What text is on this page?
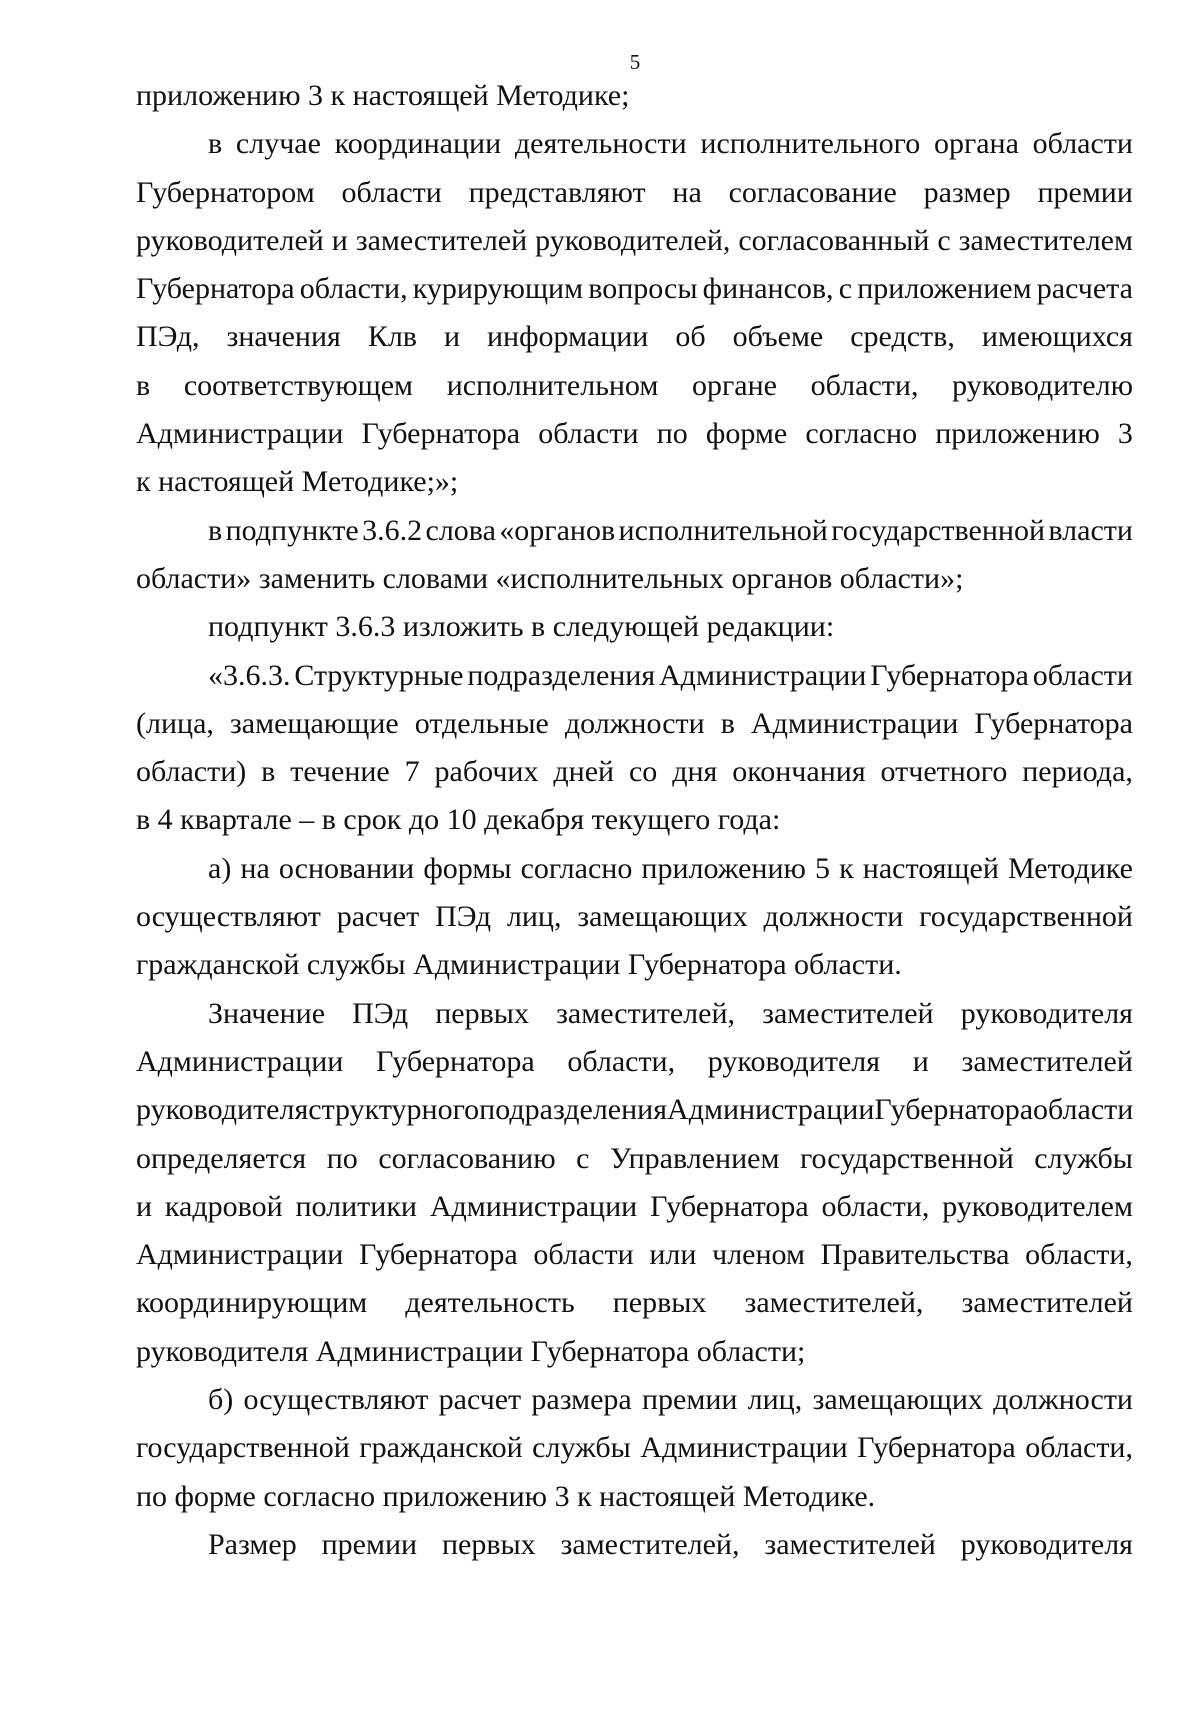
5
приложению 3 к настоящей Методике;
в случае координации деятельности исполнительного органа области
Губернатором области представляют на согласование размер премии
руководителей и заместителей руководителей, согласованный с заместителем
Губернатора области, курирующим вопросы финансов, с приложением расчета
ПЭд, значения Клв и информации об объеме средств, имеющихся
в соответствующем исполнительном органе области, руководителю
Администрации Губернатора области по форме согласно приложению 3
к настоящей Методике;»;
в подпункте 3.6.2 слова «органов исполнительной государственной власти
области» заменить словами «исполнительных органов области»;
подпункт 3.6.3 изложить в следующей редакции:
«3.6.3. Структурные подразделения Администрации Губернатора области
(лица, замещающие отдельные должности в Администрации Губернатора
области) в течение 7 рабочих дней со дня окончания отчетного периода,
в 4 квартале – в срок до 10 декабря текущего года:
а) на основании формы согласно приложению 5 к настоящей Методике
осуществляют расчет ПЭд лиц, замещающих должности государственной
гражданской службы Администрации Губернатора области.
Значение ПЭд первых заместителей, заместителей руководителя
Администрации Губернатора области, руководителя и заместителей
руководителя структурного подразделения Администрации Губернатора области
определяется по согласованию с Управлением государственной службы
и кадровой политики Администрации Губернатора области, руководителем
Администрации Губернатора области или членом Правительства области,
координирующим деятельность первых заместителей, заместителей
руководителя Администрации Губернатора области;
б) осуществляют расчет размера премии лиц, замещающих должности
государственной гражданской службы Администрации Губернатора области,
по форме согласно приложению 3 к настоящей Методике.
Размер премии первых заместителей, заместителей руководителя
